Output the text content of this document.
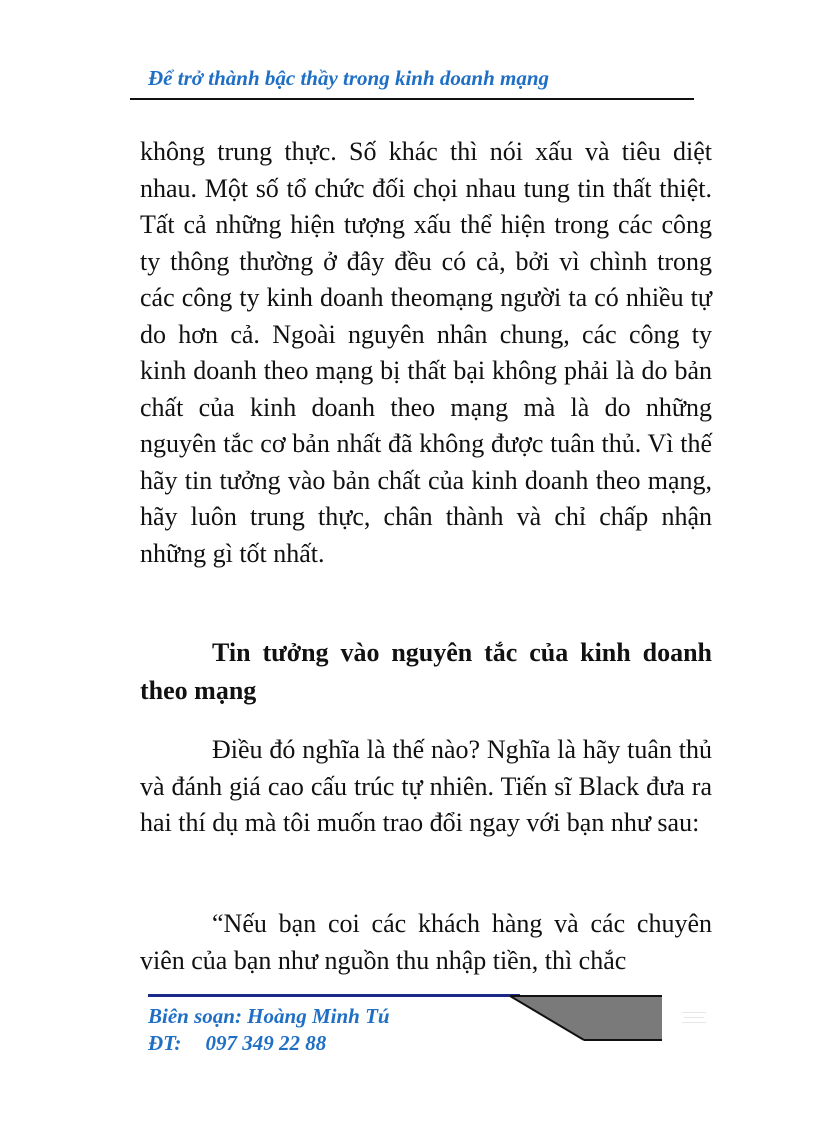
Để trở thành bậc thầy trong kinh doanh mạng

không trung thực. Số khác thì nói xấu và tiêu diệt nhau. Một số tổ chức đối chọi nhau tung tin thất thiệt. Tất cả những hiện tượng xấu thể hiện trong các công ty thông thường ở đây đều có cả, bởi vì chình trong các công ty kinh doanh theomạng người ta có nhiều tự do hơn cả. Ngoài nguyên nhân chung, các công ty kinh doanh theo mạng bị thất bại không phải là do bản chất của kinh doanh theo mạng mà là do những nguyên tắc cơ bản nhất đã không được tuân thủ. Vì thế hãy tin tưởng vào bản chất của kinh doanh theo mạng, hãy luôn trung thực, chân thành và chỉ chấp nhận những gì tốt nhất.

Tin tưởng vào nguyên tắc của kinh doanh theo mạng

Điều đó nghĩa là thế nào? Nghĩa là hãy tuân thủ và đánh giá cao cấu trúc tự nhiên. Tiến sĩ Black đưa ra hai thí dụ mà tôi muốn trao đổi ngay với bạn như sau:

“Nếu bạn coi các khách hàng và các chuyên viên của bạn như nguồn thu nhập tiền, thì chắc

Biên soạn: Hoàng Minh Tú
ĐT: 097 349 22 88
